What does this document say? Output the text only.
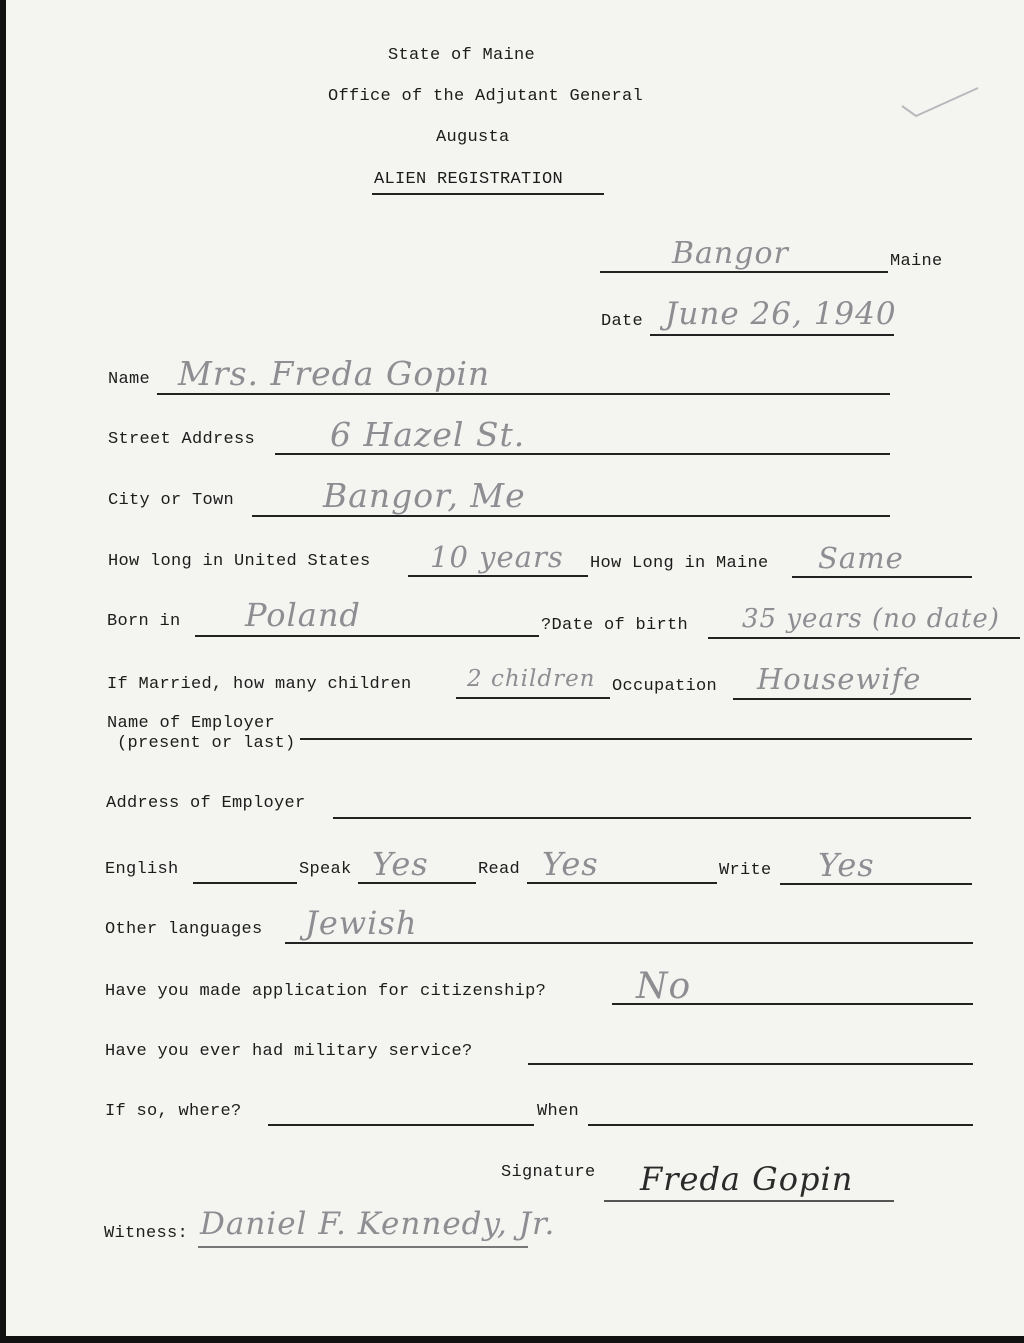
State of Maine
Office of the Adjutant General
Augusta
ALIEN REGISTRATION
Bangor	Maine
Date June 26, 1940
Name Mrs. Freda Gopin
Street Address 6 Hazel St.
City or Town	Bangor, Me
How long in United States 10 years How Long in Maine Same
Born in Poland	?Date of birth 35 years (no date)
If Married, how many children 2 children Occupation Housewife
Name of Employer
(present or last)
Address of Employer
English	Speak Yes	Read Yes	Write Yes
Other languages Jewish
Have you made application for citizenship? No
Have you ever had military service?
If so, where?	When
Signature Freda Gopin
Witness: Daniel F. Kennedy, Jr.
